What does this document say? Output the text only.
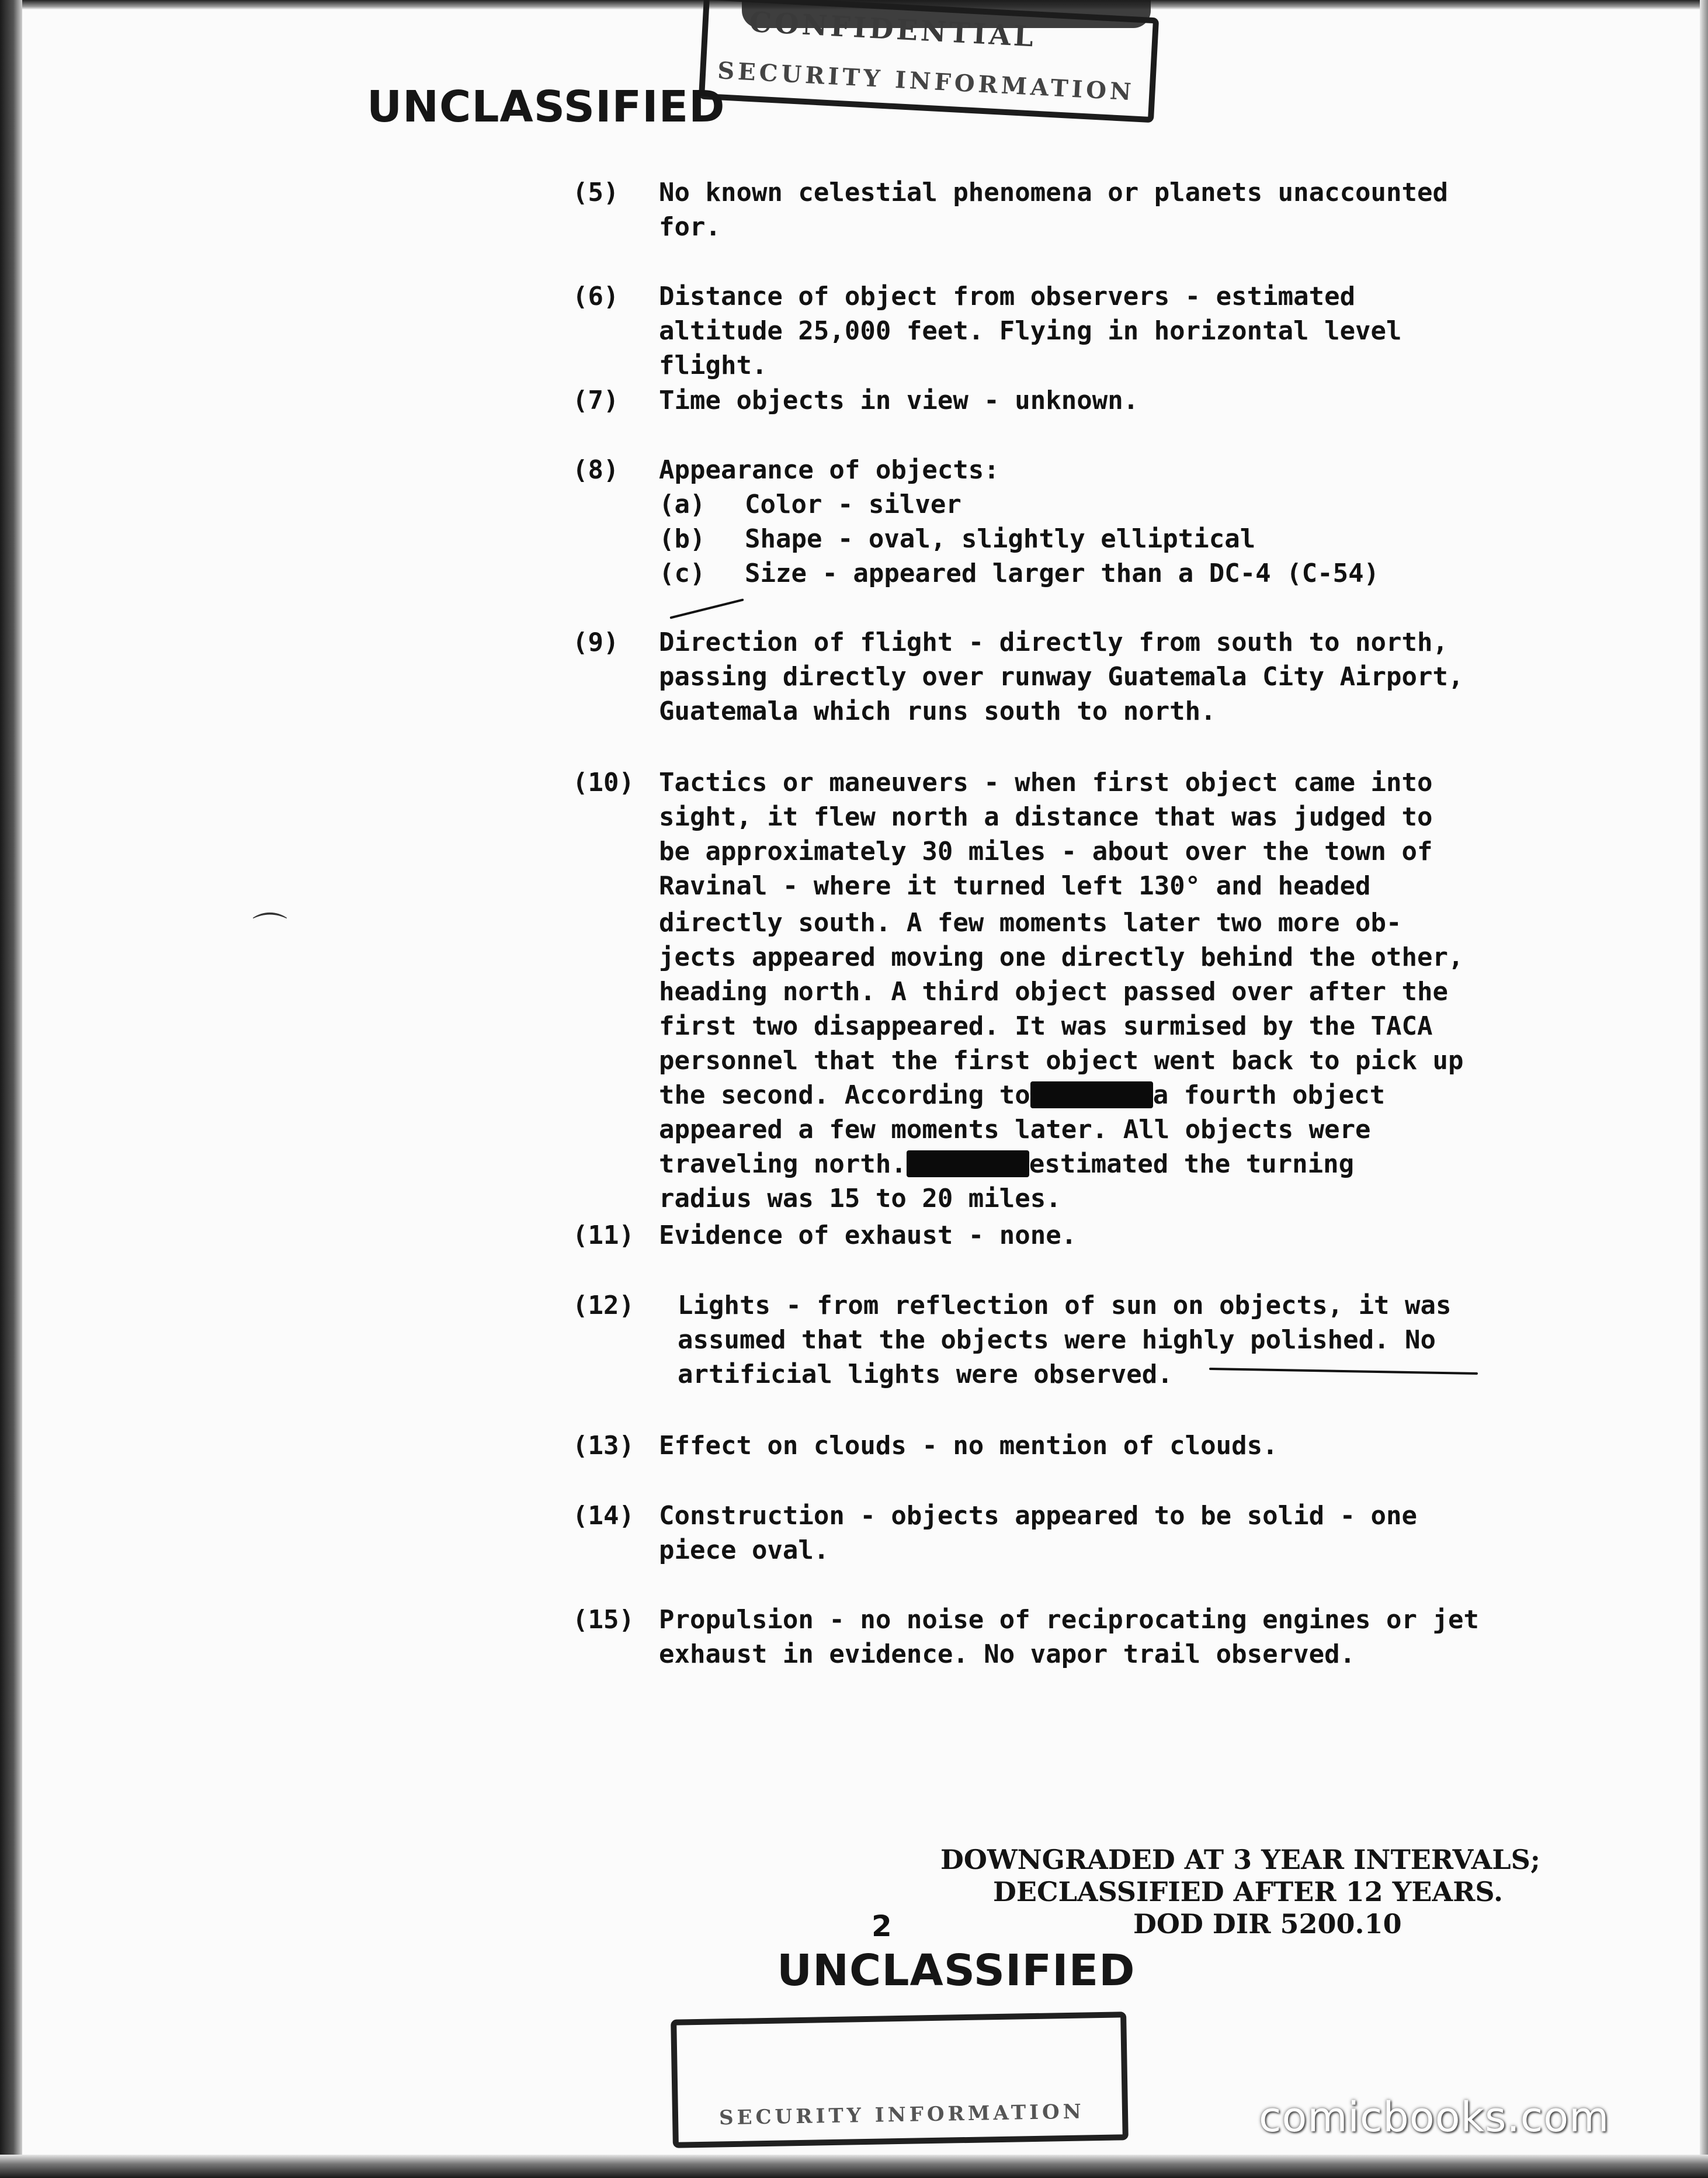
CONFIDENTIAL
SECURITY INFORMATION
UNCLASSIFIED
(5)	No known celestial phenomena or planets unaccounted
for.
(6)	Distance of object from observers - estimated
altitude 25,000 feet. Flying in horizontal level
flight.
(7)	Time objects in view - unknown.
(8)	Appearance of objects:
(a) Color - silver
(b) Shape - oval, slightly elliptical
(c) Size - appeared larger than a DC-4 (C-54)
(9)	Direction of flight - directly from south to north,
passing directly over runway Guatemala City Airport,
Guatemala which runs south to north.
(10) Tactics or maneuvers - when first object came into
sight, it flew north a distance that was judged to
be approximately 30 miles - about over the town of
Ravinal - where it turned left 130° and headed
directly south. A few moments later two more ob-
jects appeared moving one directly behind the other,
heading north. A third object passed over after the
first two disappeared. It was surmised by the TACA
personnel that the first object went back to pick up
the second. According to	a fourth object
appeared a few moments later. All objects were
traveling north.	estimated the turning
radius was 15 to 20 miles.
(11) Evidence of exhaust - none.
(12)	Lights - from reflection of sun on objects, it was
assumed that the objects were highly polished. No
artificial lights were observed.
(13) Effect on clouds - no mention of clouds.
(14) Construction - objects appeared to be solid - one
piece oval.
(15) Propulsion - no noise of reciprocating engines or jet
exhaust in evidence. No vapor trail observed.
⌒
DOWNGRADED AT 3 YEAR INTERVALS;
DECLASSIFIED AFTER 12 YEARS.
DOD DIR 5200.10
2
UNCLASSIFIED
SECURITY INFORMATION	comicbooks.com
